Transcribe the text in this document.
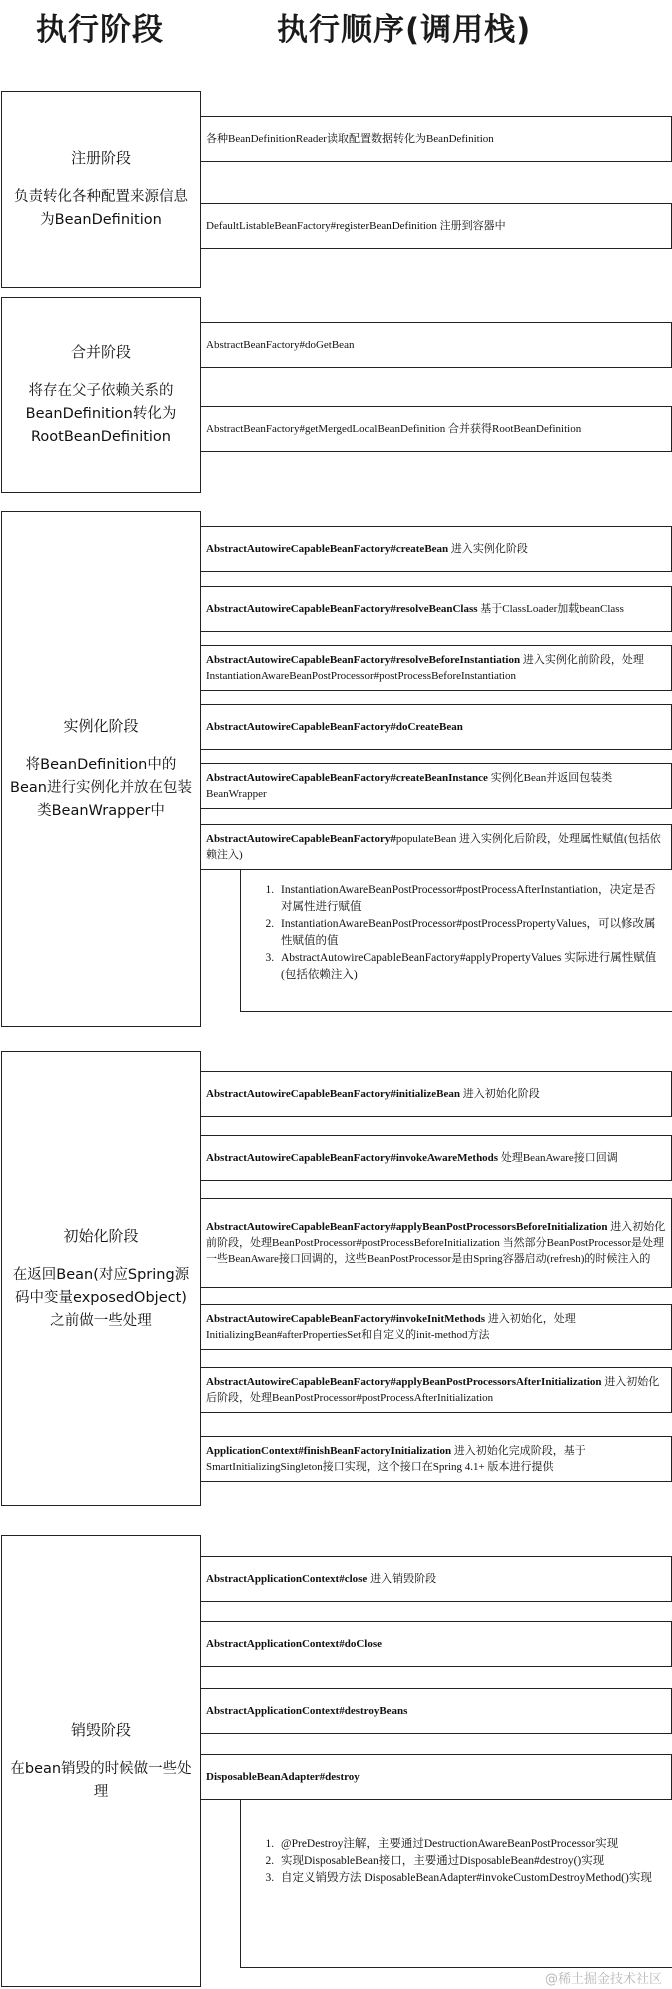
执行阶段	执行顺序(调用栈)
注册阶段
负责转化各种配置来源信息为BeanDefinition
合并阶段
将存在父子依赖关系的BeanDefinition转化为RootBeanDefinition
实例化阶段
将BeanDefinition中的Bean进行实例化并放在包装类BeanWrapper中
初始化阶段
在返回Bean(对应Spring源码中变量exposedObject)之前做一些处理
销毁阶段
在bean销毁的时候做一些处理
各种BeanDefinitionReader读取配置数据转化为BeanDefinition
DefaultListableBeanFactory#registerBeanDefinition 注册到容器中
AbstractBeanFactory#doGetBean
AbstractBeanFactory#getMergedLocalBeanDefinition 合并获得RootBeanDefinition
AbstractAutowireCapableBeanFactory#createBean 进入实例化阶段
AbstractAutowireCapableBeanFactory#resolveBeanClass 基于ClassLoader加载beanClass
AbstractAutowireCapableBeanFactory#resolveBeforeInstantiation 进入实例化前阶段，处理InstantiationAwareBeanPostProcessor#postProcessBeforeInstantiation
AbstractAutowireCapableBeanFactory#doCreateBean
AbstractAutowireCapableBeanFactory#createBeanInstance 实例化Bean并返回包装类BeanWrapper
AbstractAutowireCapableBeanFactory#populateBean 进入实例化后阶段，处理属性赋值(包括依赖注入)
1. InstantiationAwareBeanPostProcessor#postProcessAfterInstantiation，决定是否对属性进行赋值
2. InstantiationAwareBeanPostProcessor#postProcessPropertyValues，可以修改属性赋值的值
3. AbstractAutowireCapableBeanFactory#applyPropertyValues 实际进行属性赋值(包括依赖注入)
AbstractAutowireCapableBeanFactory#initializeBean 进入初始化阶段
AbstractAutowireCapableBeanFactory#invokeAwareMethods 处理BeanAware接口回调
AbstractAutowireCapableBeanFactory#applyBeanPostProcessorsBeforeInitialization 进入初始化前阶段，处理BeanPostProcessor#postProcessBeforeInitialization 当然部分BeanPostProcessor是处理一些BeanAware接口回调的，这些BeanPostProcessor是由Spring容器启动(refresh)的时候注入的
AbstractAutowireCapableBeanFactory#invokeInitMethods 进入初始化，处理InitializingBean#afterPropertiesSet和自定义的init-method方法
AbstractAutowireCapableBeanFactory#applyBeanPostProcessorsAfterInitialization 进入初始化后阶段，处理BeanPostProcessor#postProcessAfterInitialization
ApplicationContext#finishBeanFactoryInitialization 进入初始化完成阶段，基于SmartInitializingSingleton接口实现，这个接口在Spring 4.1+ 版本进行提供
AbstractApplicationContext#close 进入销毁阶段
AbstractApplicationContext#doClose
AbstractApplicationContext#destroyBeans
DisposableBeanAdapter#destroy
1. @PreDestroy注解，主要通过DestructionAwareBeanPostProcessor实现
2. 实现DisposableBean接口，主要通过DisposableBean#destroy()实现
3. 自定义销毁方法 DisposableBeanAdapter#invokeCustomDestroyMethod()实现
@稀土掘金技术社区
